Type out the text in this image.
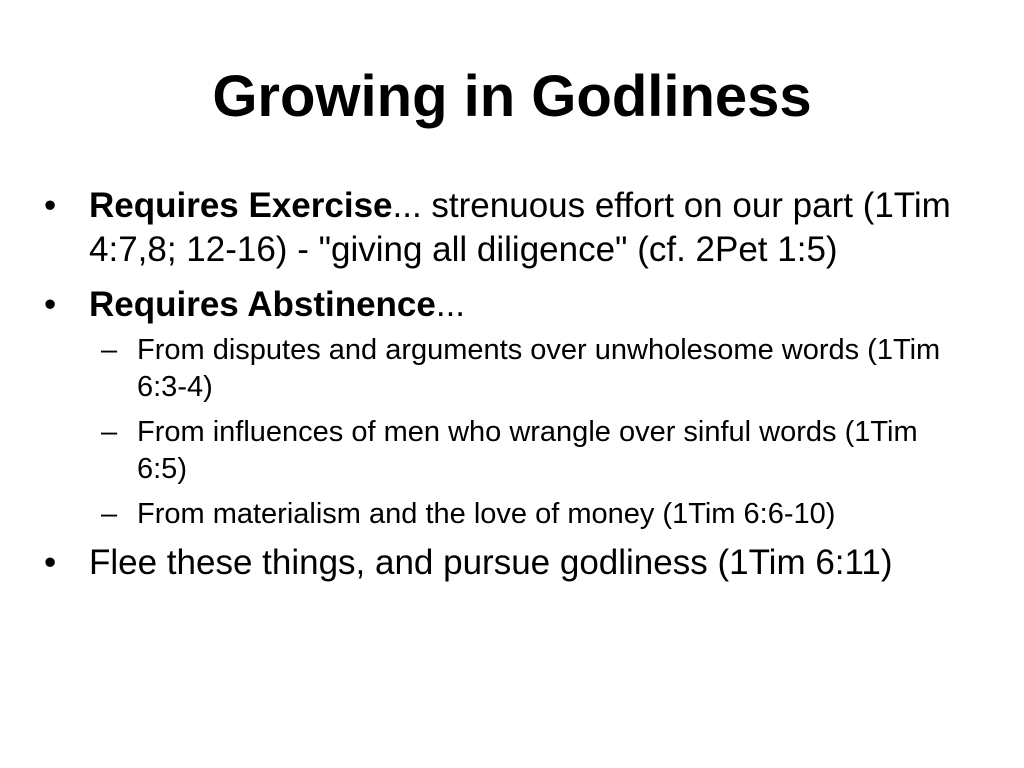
Growing in Godliness
• Requires Exercise... strenuous effort on our part (1Tim 4:7,8; 12-16) - "giving all diligence" (cf. 2Pet 1:5)
• Requires Abstinence...
– From disputes and arguments over unwholesome words (1Tim 6:3-4)
– From influences of men who wrangle over sinful words (1Tim 6:5)
– From materialism and the love of money (1Tim 6:6-10)
• Flee these things, and pursue godliness (1Tim 6:11)
